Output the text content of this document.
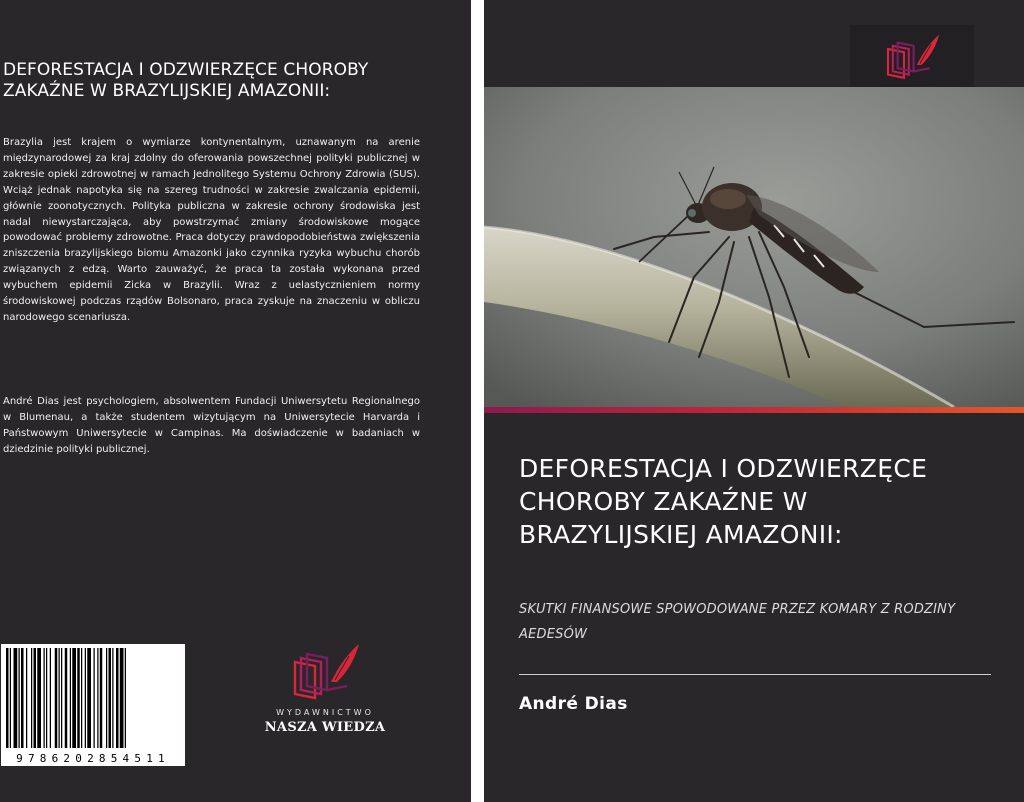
DEFORESTACJA I ODZWIERZĘCE CHOROBY ZAKAŹNE W BRAZYLIJSKIEJ AMAZONII:

Brazylia jest krajem o wymiarze kontynentalnym, uznawanym na arenie międzynarodowej za kraj zdolny do oferowania powszechnej polityki publicznej w zakresie opieki zdrowotnej w ramach Jednolitego Systemu Ochrony Zdrowia (SUS). Wciąż jednak napotyka się na szereg trudności w zakresie zwalczania epidemii, głównie zoonotycznych. Polityka publiczna w zakresie ochrony środowiska jest nadal niewystarczająca, aby powstrzymać zmiany środowiskowe mogące powodować problemy zdrowotne. Praca dotyczy prawdopodobieństwa zwiększenia zniszczenia brazylijskiego biomu Amazonki jako czynnika ryzyka wybuchu chorób związanych z edzą. Warto zauważyć, że praca ta została wykonana przed wybuchem epidemii Zicka w Brazylii. Wraz z uelastycznieniem normy środowiskowej podczas rządów Bolsonaro, praca zyskuje na znaczeniu w obliczu narodowego scenariusza.

André Dias jest psychologiem, absolwentem Fundacji Uniwersytetu Regionalnego w Blumenau, a także studentem wizytującym na Uniwersytecie Harvarda i Państwowym Uniwersytecie w Campinas. Ma doświadczenie w badaniach w dziedzinie polityki publicznej.

9786202854511
WYDAWNICTWO
NASZA WIEDZA
DEFORESTACJA I ODZWIERZĘCE CHOROBY ZAKAŹNE W BRAZYLIJSKIEJ AMAZONII:

SKUTKI FINANSOWE SPOWODOWANE PRZEZ KOMARY Z RODZINY AEDESÓW

André Dias
